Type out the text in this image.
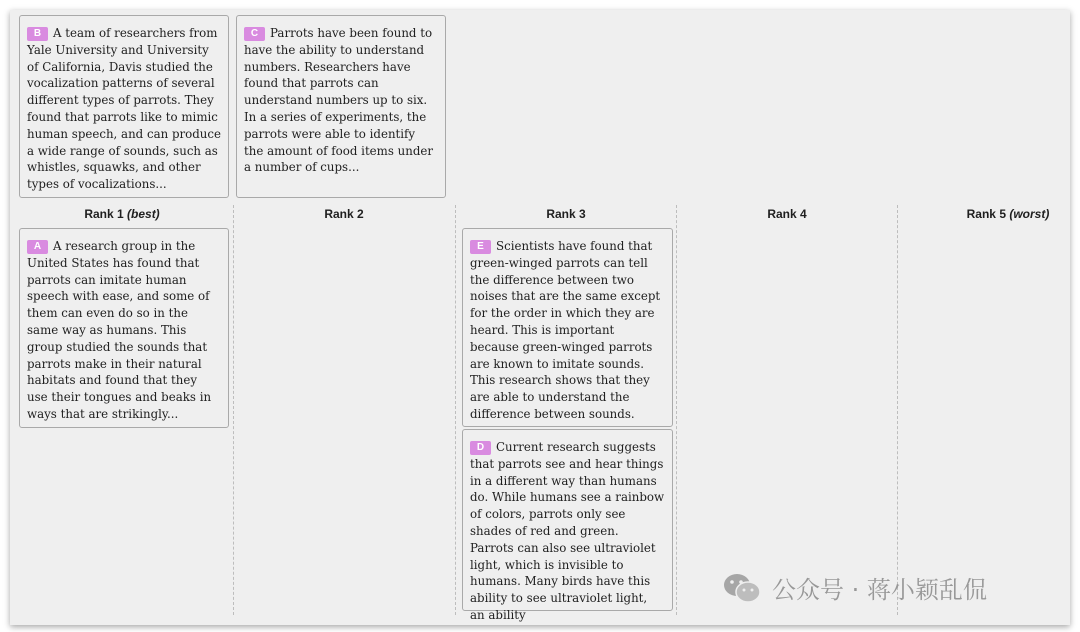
B A team of researchers from Yale University and University of California, Davis studied the vocalization patterns of several different types of parrots. They found that parrots like to mimic human speech, and can produce a wide range of sounds, such as whistles, squawks, and other types of vocalizations...
C Parrots have been found to have the ability to understand numbers. Researchers have found that parrots can understand numbers up to six. In a series of experiments, the parrots were able to identify the amount of food items under a number of cups...
Rank 1 (best)	Rank 2	Rank 3	Rank 4	Rank 5 (worst)
A A research group in the United States has found that parrots can imitate human speech with ease, and some of them can even do so in the same way as humans. This group studied the sounds that parrots make in their natural habitats and found that they use their tongues and beaks in ways that are strikingly...
E Scientists have found that green-winged parrots can tell the difference between two noises that are the same except for the order in which they are heard. This is important because green-winged parrots are known to imitate sounds. This research shows that they are able to understand the difference between sounds.
D Current research suggests that parrots see and hear things in a different way than humans do. While humans see a rainbow of colors, parrots only see shades of red and green. Parrots can also see ultraviolet light, which is invisible to humans. Many birds have this ability to see ultraviolet light, an ability
公众号 · 蒋小颖乱侃
